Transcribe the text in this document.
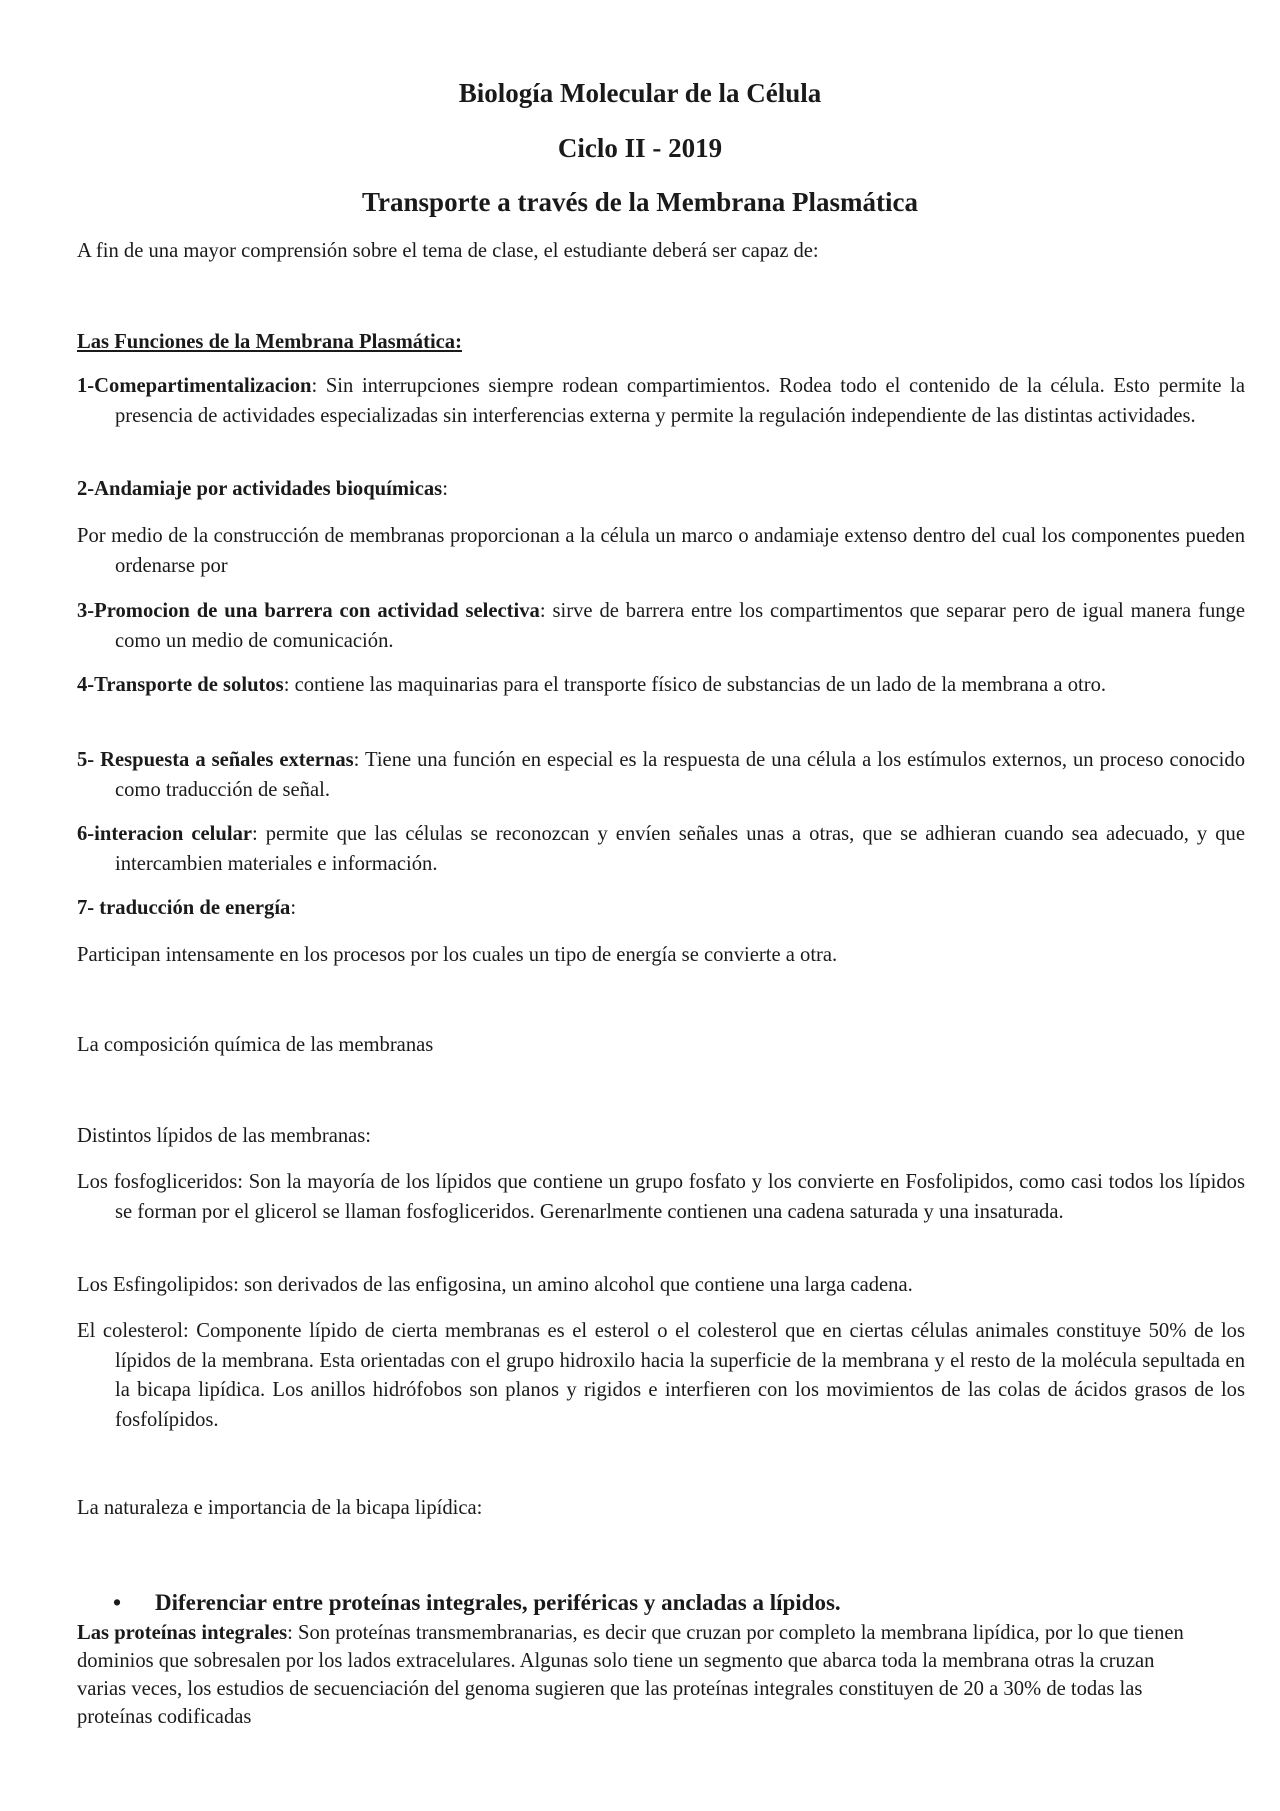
Biología Molecular de la Célula
Ciclo II - 2019
Transporte a través de la Membrana Plasmática
A fin de una mayor comprensión sobre el tema de clase, el estudiante deberá ser capaz de:
Las Funciones de la Membrana Plasmática:
1-Comepartimentalizacion: Sin interrupciones siempre rodean compartimientos. Rodea todo el contenido de la célula. Esto permite la presencia de actividades especializadas sin interferencias externa y permite la regulación independiente de las distintas actividades.
2-Andamiaje por actividades bioquímicas:
Por medio de la construcción de membranas proporcionan a la célula un marco o andamiaje extenso dentro del cual los componentes pueden ordenarse por
3-Promocion de una barrera con actividad selectiva: sirve de barrera entre los compartimentos que separar pero de igual manera funge como un medio de comunicación.
4-Transporte de solutos: contiene las maquinarias para el transporte físico de substancias de un lado de la membrana a otro.
5- Respuesta a señales externas: Tiene una función en especial es la respuesta de una célula a los estímulos externos, un proceso conocido como traducción de señal.
6-interacion celular: permite que las células se reconozcan y envíen señales unas a otras, que se adhieran cuando sea adecuado, y que intercambien materiales e información.
7- traducción de energía:
Participan intensamente en los procesos por los cuales un tipo de energía se convierte a otra.
La composición química de las membranas
Distintos lípidos de las membranas:
Los fosfogliceridos: Son la mayoría de los lípidos que contiene un grupo fosfato y los convierte en Fosfolipidos, como casi todos los lípidos se forman por el glicerol se llaman fosfogliceridos. Gerenarlmente contienen una cadena saturada y una insaturada.
Los Esfingolipidos: son derivados de las enfigosina, un amino alcohol que contiene una larga cadena.
El colesterol: Componente lípido de cierta membranas es el esterol o el colesterol que en ciertas células animales constituye 50% de los lípidos de la membrana. Esta orientadas con el grupo hidroxilo hacia la superficie de la membrana y el resto de la molécula sepultada en la bicapa lipídica. Los anillos hidrófobos son planos y rigidos e interfieren con los movimientos de las colas de ácidos grasos de los fosfolípidos.
La naturaleza e importancia de la bicapa lipídica:
• Diferenciar entre proteínas integrales, periféricas y ancladas a lípidos.
Las proteínas integrales: Son proteínas transmembranarias, es decir que cruzan por completo la membrana lipídica, por lo que tienen dominios que sobresalen por los lados extracelulares. Algunas solo tiene un segmento que abarca toda la membrana otras la cruzan varias veces, los estudios de secuenciación del genoma sugieren que las proteínas integrales constituyen de 20 a 30% de todas las proteínas codificadas
